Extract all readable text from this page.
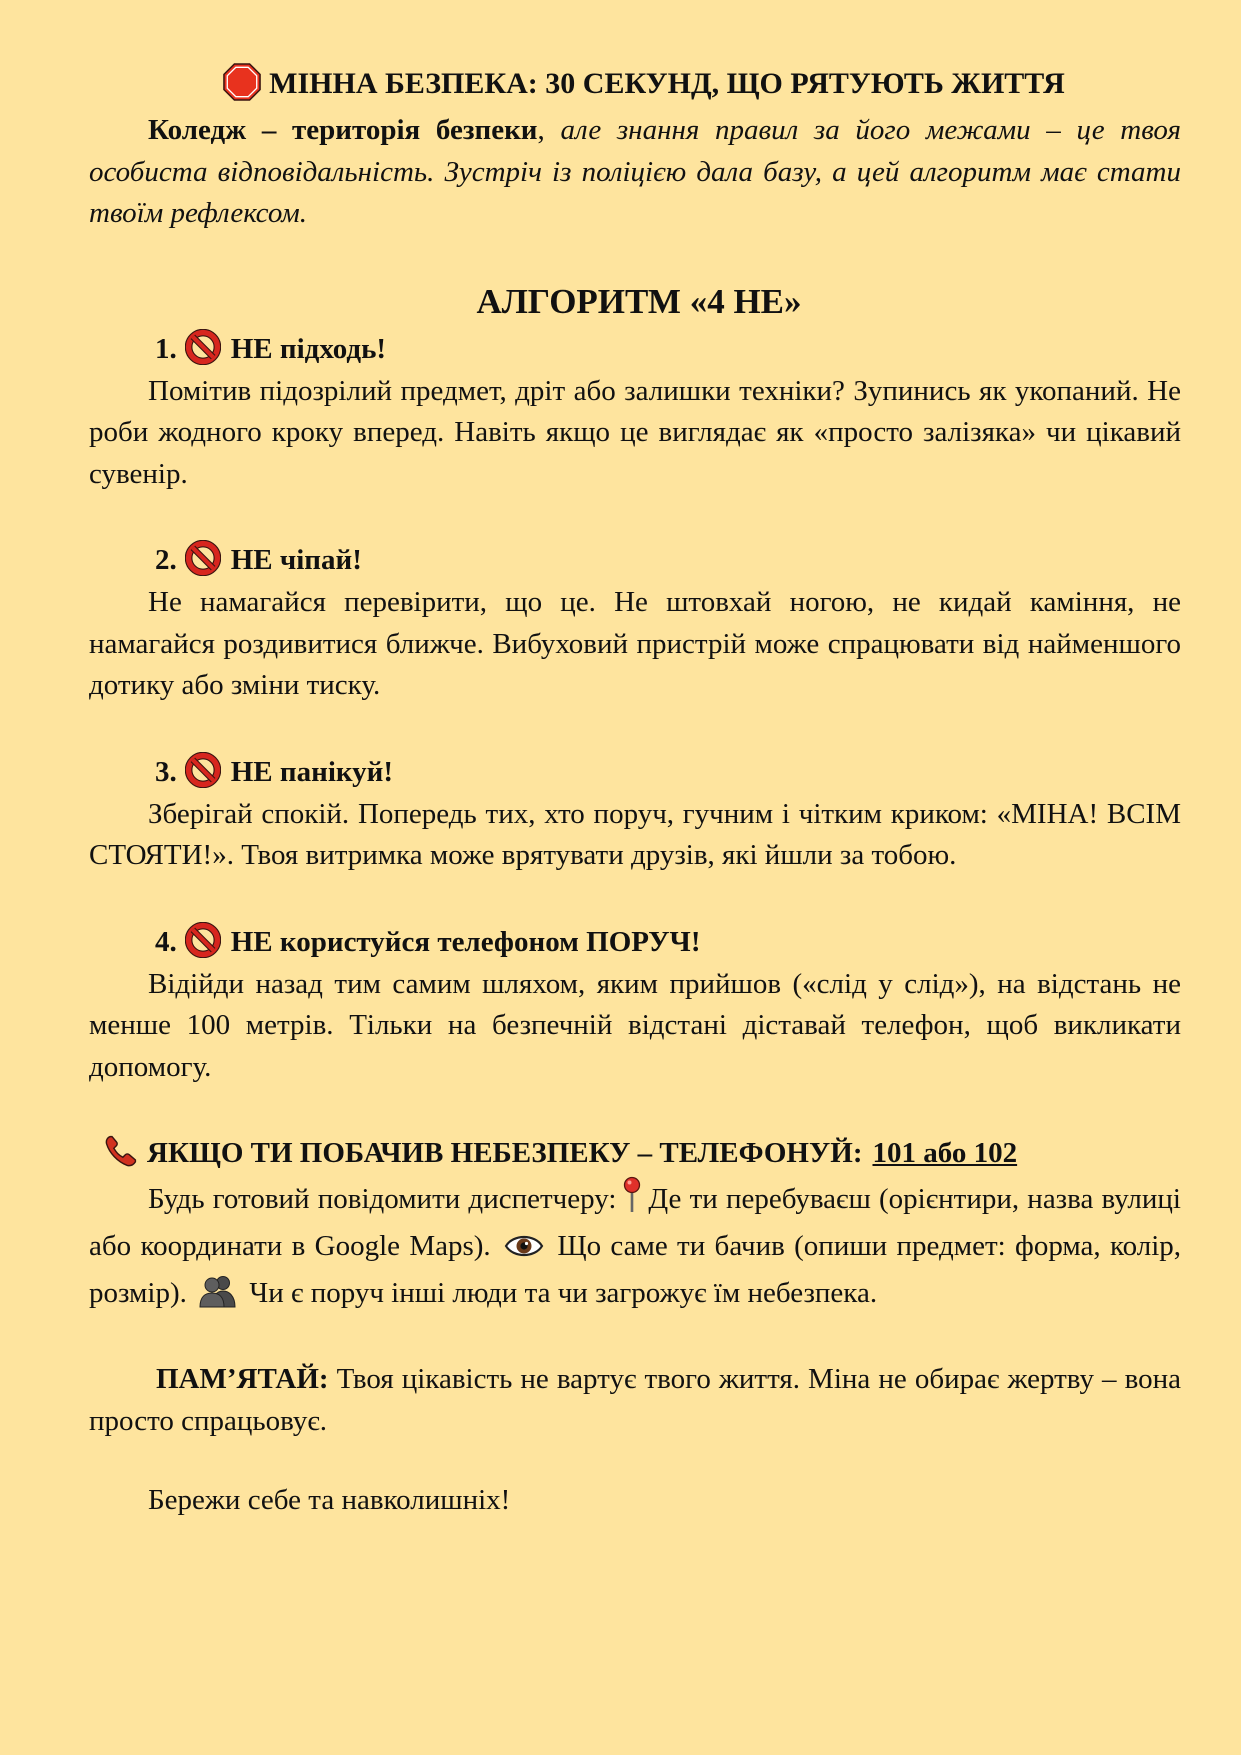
МІННА БЕЗПЕКА: 30 СЕКУНД, ЩО РЯТУЮТЬ ЖИТТЯ

Коледж – територія безпеки, але знання правил за його межами – це твоя особиста відповідальність. Зустріч із поліцією дала базу, а цей алгоритм має стати твоїм рефлексом.

АЛГОРИТМ «4 НЕ»
1. НЕ підходь!

Помітив підозрілий предмет, дріт або залишки техніки? Зупинись як укопаний. Не роби жодного кроку вперед. Навіть якщо це виглядає як «просто залізяка» чи цікавий сувенір.

2. НЕ чіпай!

Не намагайся перевірити, що це. Не штовхай ногою, не кидай каміння, не намагайся роздивитися ближче. Вибуховий пристрій може спрацювати від найменшого дотику або зміни тиску.

3. НЕ панікуй!

Зберігай спокій. Попередь тих, хто поруч, гучним і чітким криком: «МІНА! ВСІМ СТОЯТИ!». Твоя витримка може врятувати друзів, які йшли за тобою.

4. НЕ користуйся телефоном ПОРУЧ!

Відійди назад тим самим шляхом, яким прийшов («слід у слід»), на відстань не менше 100 метрів. Тільки на безпечній відстані діставай телефон, щоб викликати допомогу.

ЯКЩО ТИ ПОБАЧИВ НЕБЕЗПЕКУ – ТЕЛЕФОНУЙ: 101 або 102

Будь готовий повідомити диспетчеру: Де ти перебуваєш (орієнтири, назва вулиці або координати в Google Maps). Що саме ти бачив (опиши предмет: форма, колір, розмір). Чи є поруч інші люди та чи загрожує їм небезпека.

ПАМ’ЯТАЙ: Твоя цікавість не вартує твого життя. Міна не обирає жертву – вона просто спрацьовує.

Бережи себе та навколишніх!
